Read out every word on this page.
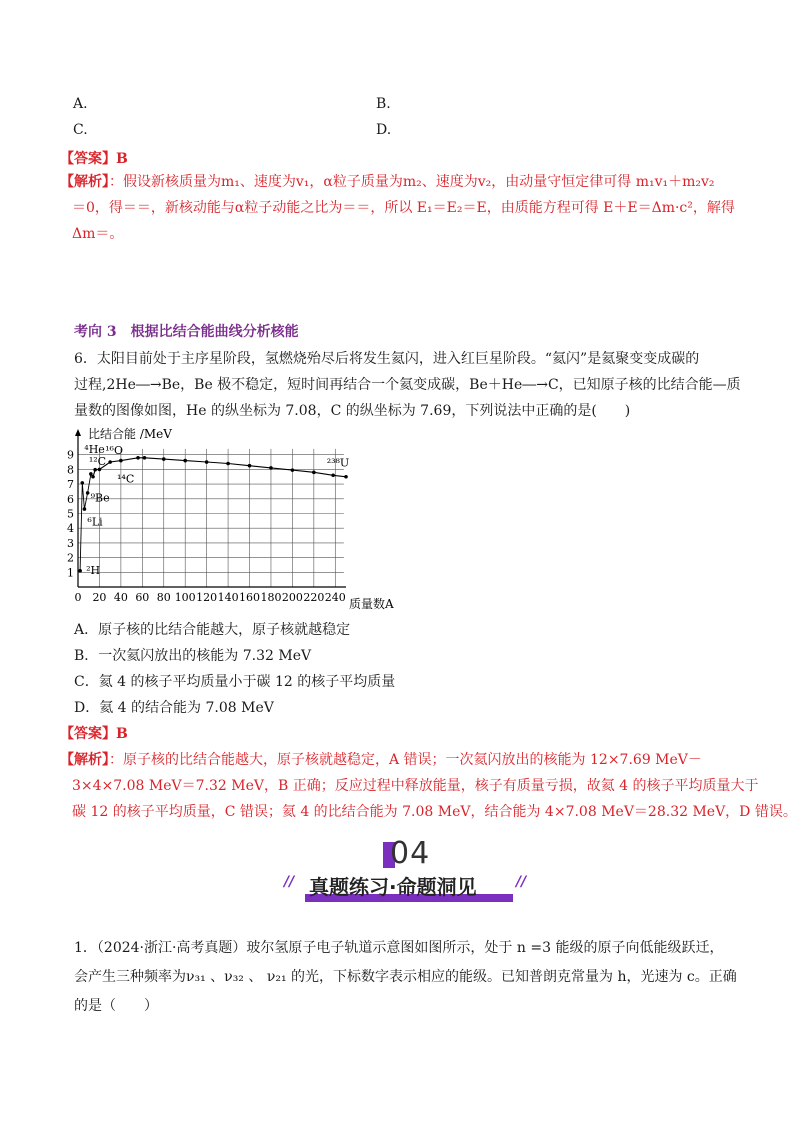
A.	B.
C.	D.
【答案】B
【解析】：假设新核质量为m₁、速度为v₁，α粒子质量为m₂、速度为v₂，由动量守恒定律可得 m₁v₁＋m₂v₂
＝0，得＝＝，新核动能与α粒子动能之比为＝＝，所以 E₁＝E₂＝E，由质能方程可得 E＋E＝Δm·c²，解得
Δm＝。
考向 3　根据比结合能曲线分析核能
6．太阳目前处于主序星阶段，氢燃烧殆尽后将发生氦闪，进入红巨星阶段。“氦闪”是氦聚变变成碳的
过程,2He―→Be，Be 极不稳定，短时间再结合一个氦变成碳，Be＋He―→C，已知原子核的比结合能—质
量数的图像如图，He 的纵坐标为 7.08，C 的纵坐标为 7.69，下列说法中正确的是(　　)
0 20 40 60 80 100 120 140 160 180 200 220 240
1
2
3
4
5
6
7
8
9 ⁴He
¹²C
¹⁶O
¹⁴C
⁹Be
⁶Li
²H
²³⁸U
比结合能 /MeV
质量数A
A．原子核的比结合能越大，原子核就越稳定
B．一次氦闪放出的核能为 7.32 MeV
C．氦 4 的核子平均质量小于碳 12 的核子平均质量
D．氦 4 的结合能为 7.08 MeV
【答案】B
【解析】：原子核的比结合能越大，原子核就越稳定，A 错误；一次氦闪放出的核能为 12×7.69 MeV－
3×4×7.08 MeV＝7.32 MeV，B 正确；反应过程中释放能量，核子有质量亏损，故氦 4 的核子平均质量大于
碳 12 的核子平均质量，C 错误；氦 4 的比结合能为 7.08 MeV，结合能为 4×7.08 MeV＝28.32 MeV，D 错误。
04
真题练习·命题洞见
//	//
1．（2024·浙江·高考真题）玻尔氢原子电子轨道示意图如图所示，处于 n =3 能级的原子向低能级跃迁，
会产生三种频率为ν₃₁ 、ν₃₂ 、 ν₂₁ 的光，下标数字表示相应的能级。已知普朗克常量为 h，光速为 c。正确
的是（　　）
